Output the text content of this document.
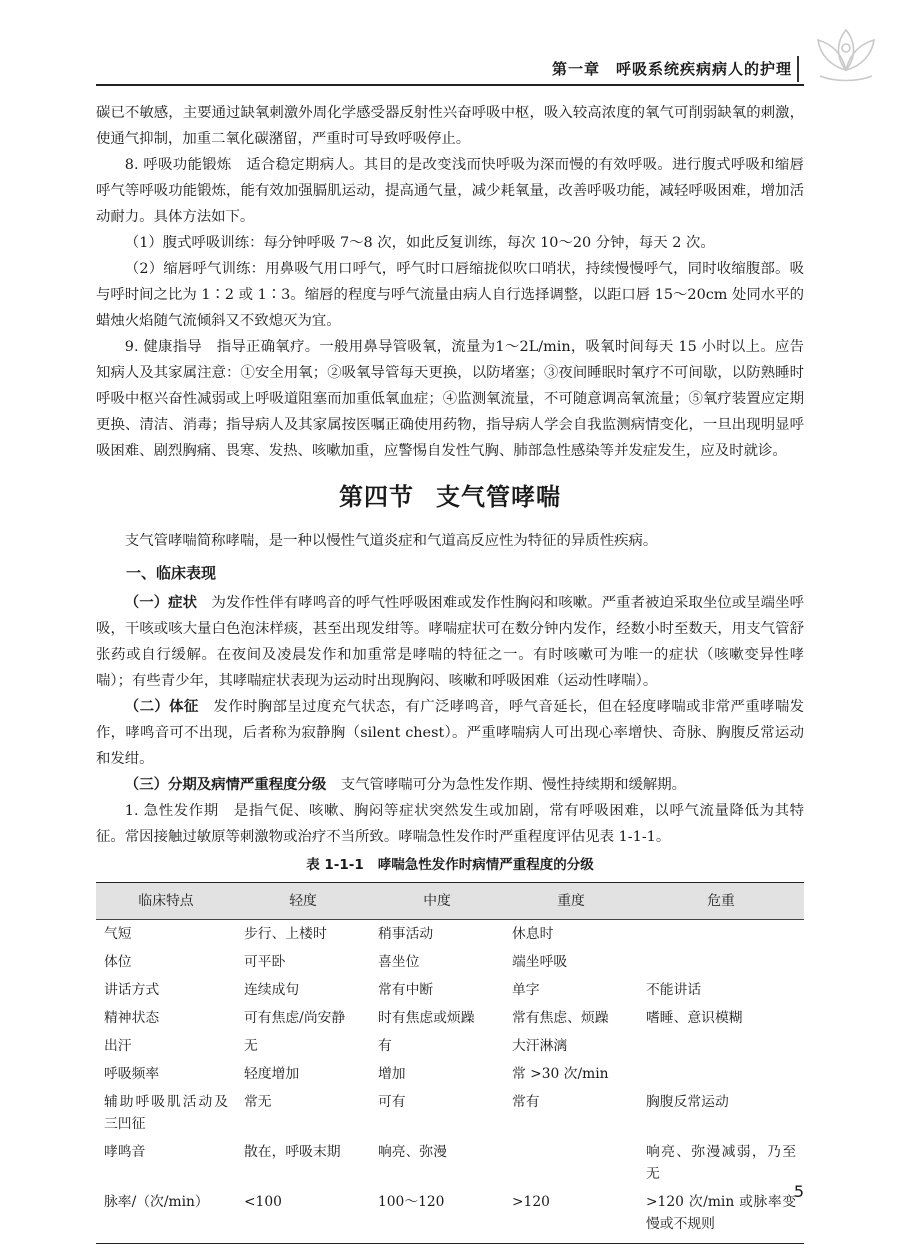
第一章　呼吸系统疾病病人的护理

碳已不敏感，主要通过缺氧刺激外周化学感受器反射性兴奋呼吸中枢，吸入较高浓度的氧气可削弱缺氧的刺激，使通气抑制，加重二氧化碳潴留，严重时可导致呼吸停止。

8. 呼吸功能锻炼　适合稳定期病人。其目的是改变浅而快呼吸为深而慢的有效呼吸。进行腹式呼吸和缩唇呼气等呼吸功能锻炼，能有效加强膈肌运动，提高通气量，减少耗氧量，改善呼吸功能，减轻呼吸困难，增加活动耐力。具体方法如下。

（1）腹式呼吸训练：每分钟呼吸 7～8 次，如此反复训练，每次 10～20 分钟，每天 2 次。

（2）缩唇呼气训练：用鼻吸气用口呼气，呼气时口唇缩拢似吹口哨状，持续慢慢呼气，同时收缩腹部。吸与呼时间之比为 1∶2 或 1∶3。缩唇的程度与呼气流量由病人自行选择调整，以距口唇 15～20cm 处同水平的蜡烛火焰随气流倾斜又不致熄灭为宜。

9. 健康指导　指导正确氧疗。一般用鼻导管吸氧，流量为1～2L/min，吸氧时间每天 15 小时以上。应告知病人及其家属注意：①安全用氧；②吸氧导管每天更换，以防堵塞；③夜间睡眠时氧疗不可间歇，以防熟睡时呼吸中枢兴奋性减弱或上呼吸道阻塞而加重低氧血症；④监测氧流量，不可随意调高氧流量；⑤氧疗装置应定期更换、清洁、消毒；指导病人及其家属按医嘱正确使用药物，指导病人学会自我监测病情变化，一旦出现明显呼吸困难、剧烈胸痛、畏寒、发热、咳嗽加重，应警惕自发性气胸、肺部急性感染等并发症发生，应及时就诊。

第四节 支气管哮喘

支气管哮喘简称哮喘，是一种以慢性气道炎症和气道高反应性为特征的异质性疾病。

一、临床表现

（一）症状　 为发作性伴有哮鸣音的呼气性呼吸困难或发作性胸闷和咳嗽。严重者被迫采取坐位或呈端坐呼吸，干咳或咳大量白色泡沫样痰，甚至出现发绀等。哮喘症状可在数分钟内发作，经数小时至数天，用支气管舒张药或自行缓解。在夜间及凌晨发作和加重常是哮喘的特征之一。有时咳嗽可为唯一的症状（咳嗽变异性哮喘）；有些青少年，其哮喘症状表现为运动时出现胸闷、咳嗽和呼吸困难（运动性哮喘）。

（二）体征　 发作时胸部呈过度充气状态，有广泛哮鸣音，呼气音延长，但在轻度哮喘或非常严重哮喘发作，哮鸣音可不出现，后者称为寂静胸（silent chest）。严重哮喘病人可出现心率增快、奇脉、胸腹反常运动和发绀。

（三）分期及病情严重程度分级　 支气管哮喘可分为急性发作期、慢性持续期和缓解期。

1. 急性发作期　是指气促、咳嗽、胸闷等症状突然发生或加剧，常有呼吸困难，以呼气流量降低为其特征。常因接触过敏原等刺激物或治疗不当所致。哮喘急性发作时严重程度评估见表 1-1-1。

表 1-1-1 哮喘急性发作时病情严重程度的分级
临床特点	轻度	中度	重度	危重
气短	步行、上楼时	稍事活动	休息时	
体位	可平卧	喜坐位	端坐呼吸	
讲话方式	连续成句	常有中断	单字	不能讲话
精神状态	可有焦虑/尚安静	时有焦虑或烦躁	常有焦虑、烦躁	嗜睡、意识模糊
出汗	无	有	大汗淋漓	
呼吸频率	轻度增加	增加	常 >30 次/min	
辅助呼吸肌活动及三凹征	常无	可有	常有	胸腹反常运动
哮鸣音	散在，呼吸末期	响亮、弥漫		响亮、弥漫减弱，乃至无
脉率/（次/min）	<100	100～120	>120	>120 次/min 或脉率变慢或不规则
5
